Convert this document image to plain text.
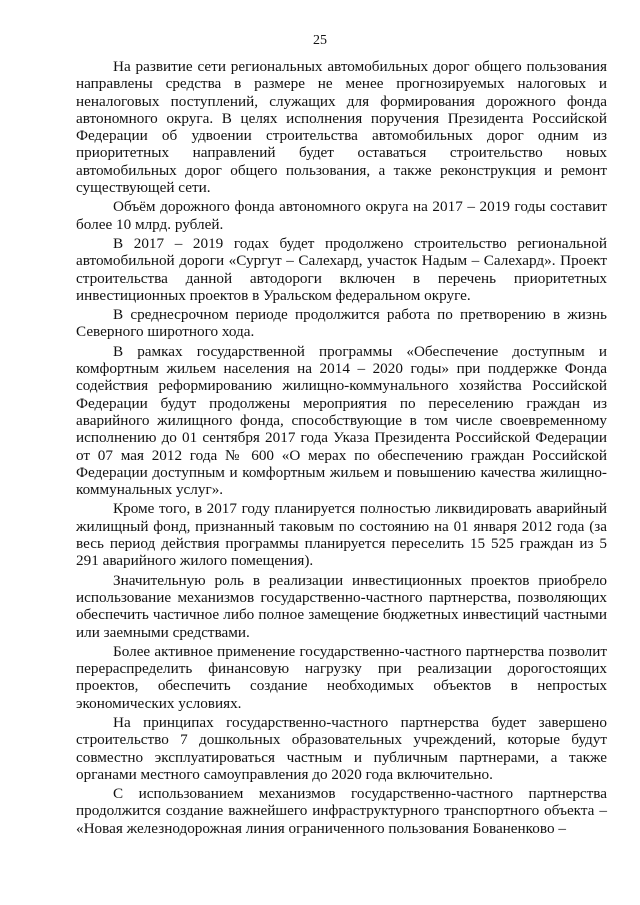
25

На развитие сети региональных автомобильных дорог общего пользования направлены средства в размере не менее прогнозируемых налоговых и неналоговых поступлений, служащих для формирования дорожного фонда автономного округа. В целях исполнения поручения Президента Российской Федерации об удвоении строительства автомобильных дорог одним из приоритетных направлений будет оставаться строительство новых автомобильных дорог общего пользования, а также реконструкция и ремонт существующей сети.

Объём дорожного фонда автономного округа на 2017 – 2019 годы составит более 10 млрд. рублей.

В 2017 – 2019 годах будет продолжено строительство региональной автомобильной дороги «Сургут – Салехард, участок Надым – Салехард». Проект строительства данной автодороги включен в перечень приоритетных инвестиционных проектов в Уральском федеральном округе.

В среднесрочном периоде продолжится работа по претворению в жизнь Северного широтного хода.

В рамках государственной программы «Обеспечение доступным и комфортным жильем населения на 2014 – 2020 годы» при поддержке Фонда содействия реформированию жилищно-коммунального хозяйства Российской Федерации будут продолжены мероприятия по переселению граждан из аварийного жилищного фонда, способствующие в том числе своевременному исполнению до 01 сентября 2017 года Указа Президента Российской Федерации от 07 мая 2012 года № 600 «О мерах по обеспечению граждан Российской Федерации доступным и комфортным жильем и повышению качества жилищно-коммунальных услуг».

Кроме того, в 2017 году планируется полностью ликвидировать аварийный жилищный фонд, признанный таковым по состоянию на 01 января 2012 года (за весь период действия программы планируется переселить 15 525 граждан из 5 291 аварийного жилого помещения).

Значительную роль в реализации инвестиционных проектов приобрело использование механизмов государственно-частного партнерства, позволяющих обеспечить частичное либо полное замещение бюджетных инвестиций частными или заемными средствами.

Более активное применение государственно-частного партнерства позволит перераспределить финансовую нагрузку при реализации дорогостоящих проектов, обеспечить создание необходимых объектов в непростых экономических условиях.

На принципах государственно-частного партнерства будет завершено строительство 7 дошкольных образовательных учреждений, которые будут совместно эксплуатироваться частным и публичным партнерами, а также органами местного самоуправления до 2020 года включительно.

С использованием механизмов государственно-частного партнерства продолжится создание важнейшего инфраструктурного транспортного объекта – «Новая железнодорожная линия ограниченного пользования Бованенково –
